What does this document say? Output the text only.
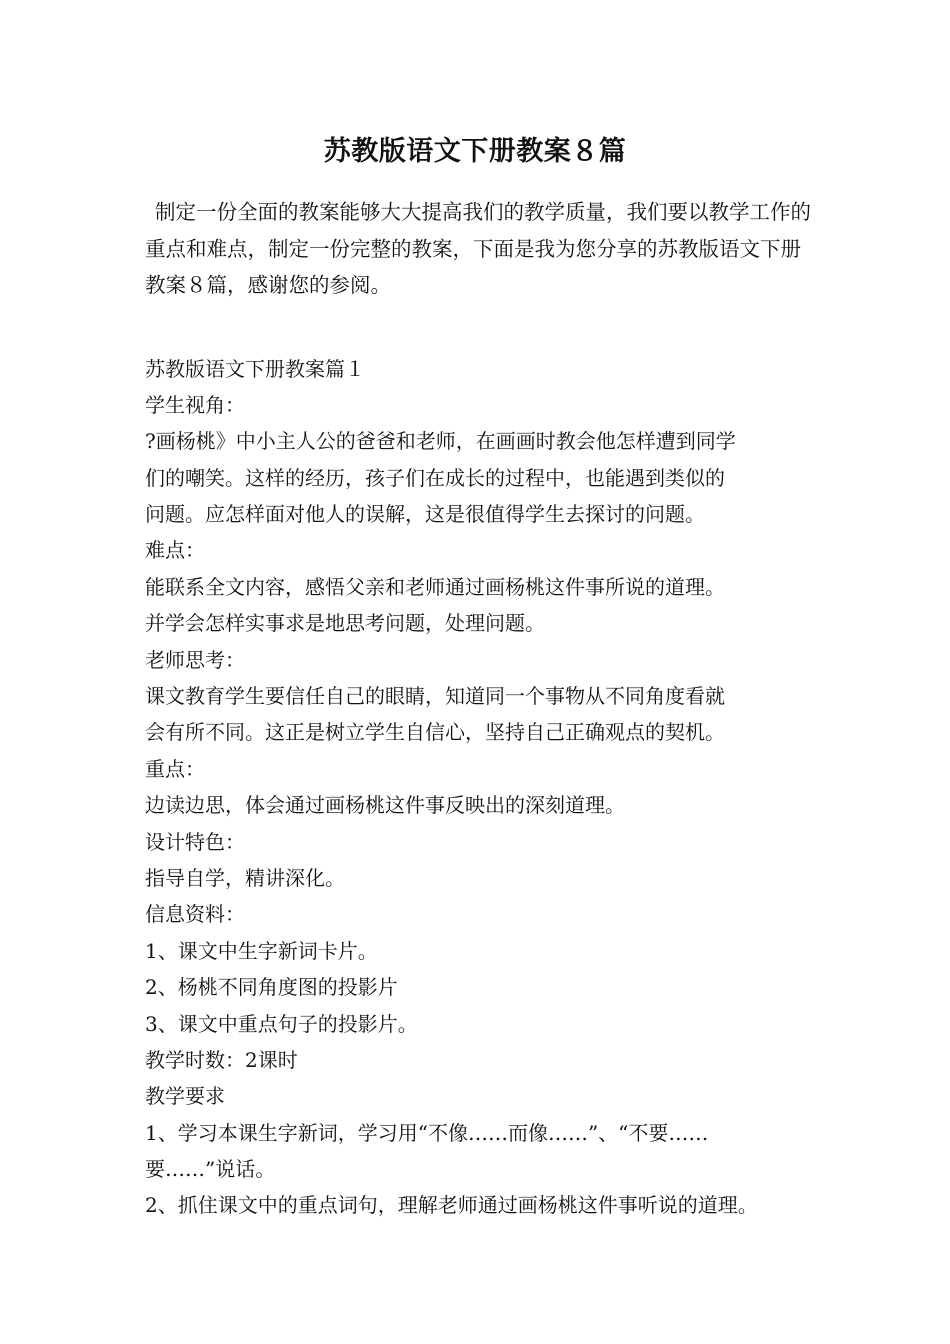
苏教版语文下册教案８篇

制定一份全面的教案能够大大提高我们的教学质量，我们要以教学工作的重点和难点，制定一份完整的教案，下面是我为您分享的苏教版语文下册教案８篇，感谢您的参阅。

苏教版语文下册教案篇１

学生视角：

?画杨桃》中小主人公的爸爸和老师，在画画时教会他怎样遭到同学

们的嘲笑。这样的经历，孩子们在成长的过程中，也能遇到类似的

问题。应怎样面对他人的误解，这是很值得学生去探讨的问题。

难点：

能联系全文内容，感悟父亲和老师通过画杨桃这件事所说的道理。

并学会怎样实事求是地思考问题，处理问题。

老师思考：

课文教育学生要信任自己的眼睛，知道同一个事物从不同角度看就

会有所不同。这正是树立学生自信心，坚持自己正确观点的契机。

重点：

边读边思，体会通过画杨桃这件事反映出的深刻道理。

设计特色：

指导自学，精讲深化。

信息资料：

1、课文中生字新词卡片。

2、杨桃不同角度图的投影片

3、课文中重点句子的投影片。

教学时数：2课时

教学要求

1、学习本课生字新词，学习用“不像……而像……”、“不要……

要……”说话。

2、抓住课文中的重点词句，理解老师通过画杨桃这件事听说的道理。
